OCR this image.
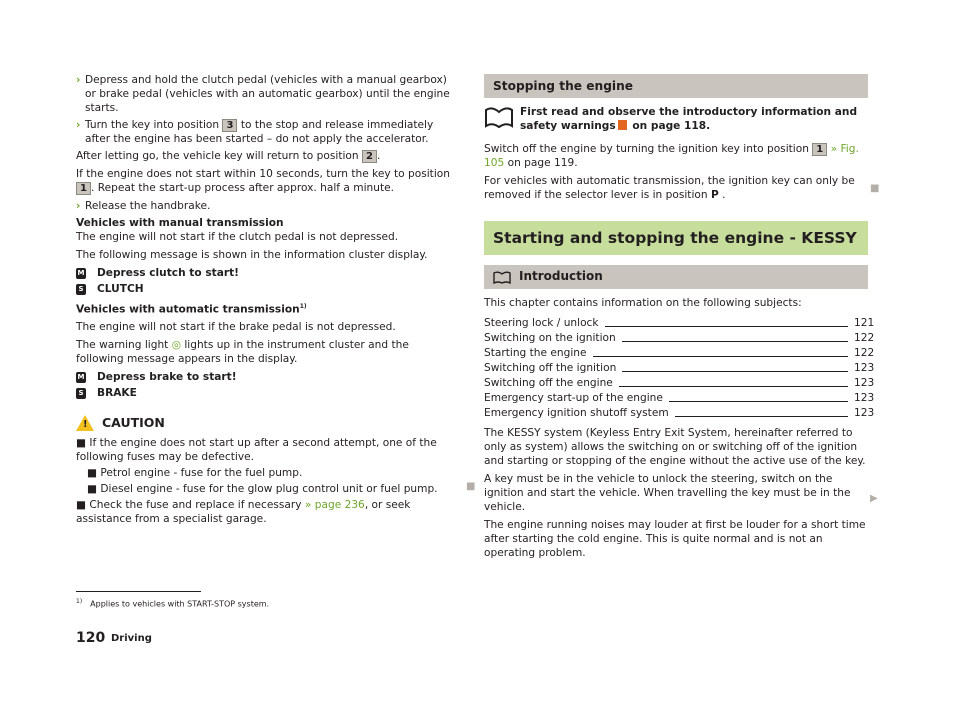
› Depress and hold the clutch pedal (vehicles with a manual gearbox) or brake pedal (vehicles with an automatic gearbox) until the engine starts.
› Turn the key into position 3 to the stop and release immediately after the engine has been started – do not apply the accelerator.

After letting go, the vehicle key will return to position 2 .

If the engine does not start within 10 seconds, turn the key to position 1 . Repeat the start-up process after approx. half a minute.

› Release the handbrake.
Vehicles with manual transmission

The engine will not start if the clutch pedal is not depressed.

The following message is shown in the information cluster display.

M Depress clutch to start!
S CLUTCH
Vehicles with automatic transmission$^{1)}$

The engine will not start if the brake pedal is not depressed.

The warning light ◎ lights up in the instrument cluster and the following message appears in the display.

M Depress brake to start!
S BRAKE
! CAUTION
■ If the engine does not start up after a second attempt, one of the following fuses may be defective.
■ Petrol engine - fuse for the fuel pump.
■ Diesel engine - fuse for the glow plug control unit or fuel pump.
■ Check the fuse and replace if necessary » page 236, or seek assistance from a specialist garage.
Stopping the engine
First read and observe the introductory information and safety warnings on page 118.

Switch off the engine by turning the ignition key into position 1 » Fig. 105 on page 119.

For vehicles with automatic transmission, the ignition key can only be removed if the selector lever is in position P .

Starting and stopping the engine - KESSY
Introduction

This chapter contains information on the following subjects:

Steering lock / unlock	121
Switching on the ignition	122
Starting the engine	122
Switching off the ignition	123
Switching off the engine	123
Emergency start-up of the engine	123
Emergency ignition shutoff system	123

The KESSY system (Keyless Entry Exit System, hereinafter referred to only as system) allows the switching on or switching off of the ignition and starting or stopping of the engine without the active use of the key.

A key must be in the vehicle to unlock the steering, switch on the ignition and start the vehicle. When travelling the key must be in the vehicle.

The engine running noises may louder at first be louder for a short time after starting the cold engine. This is quite normal and is not an operating problem.

■
■
▶
$^{1)}$ Applies to vehicles with START-STOP system.
120 Driving
